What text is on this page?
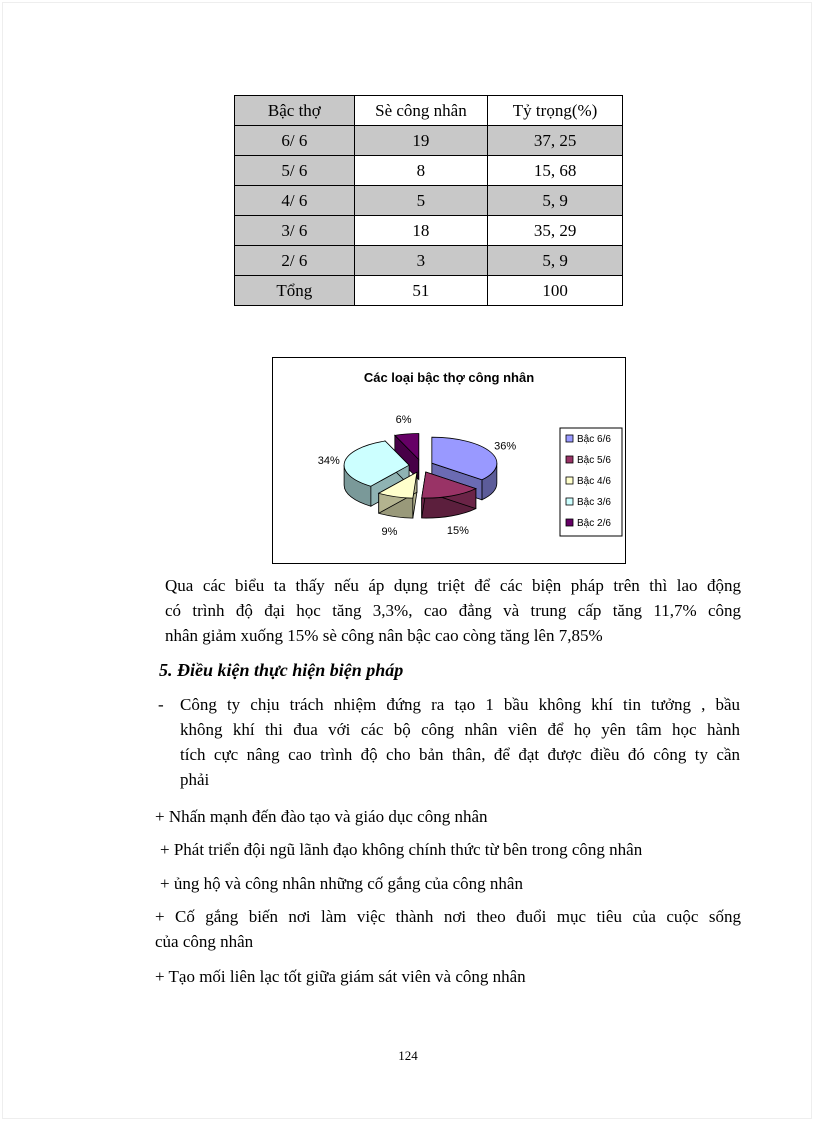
Bậc thợ	Sè công nhân	Tỷ trọng(%)
6/ 6	19	37, 25
5/ 6	8	15, 68
4/ 6	5	5, 9
3/ 6	18	35, 29
2/ 6	3	5, 9
Tổng	51	100
Các loại bậc thợ công nhân
36%
15%
9%
34%
6%
Bậc 6/6
Bậc 5/6
Bậc 4/6
Bậc 3/6
Bậc 2/6
Qua các biểu ta thấy nếu áp dụng triệt để các biện pháp trên thì lao động
có trình độ đại học tăng 3,3%, cao đẳng và trung cấp tăng 11,7% công
nhân giảm xuống 15% sè công nân bậc cao còng tăng lên 7,85%
5. Điều kiện thực hiện biện pháp
- Công ty chịu trách nhiệm đứng ra tạo 1 bầu không khí tin tưởng , bầu
không khí thi đua với các bộ công nhân viên để họ yên tâm học hành
tích cực nâng cao trình độ cho bản thân, để đạt được điều đó công ty cần
phải
+ Nhấn mạnh đến đào tạo và giáo dục công nhân
+ Phát triển đội ngũ lãnh đạo không chính thức từ bên trong công nhân
+ ủng hộ và công nhân những cố gắng của công nhân
+ Cố gắng biến nơi làm việc thành nơi theo đuổi mục tiêu của cuộc sống
của công nhân
+ Tạo mối liên lạc tốt giữa giám sát viên và công nhân
124
